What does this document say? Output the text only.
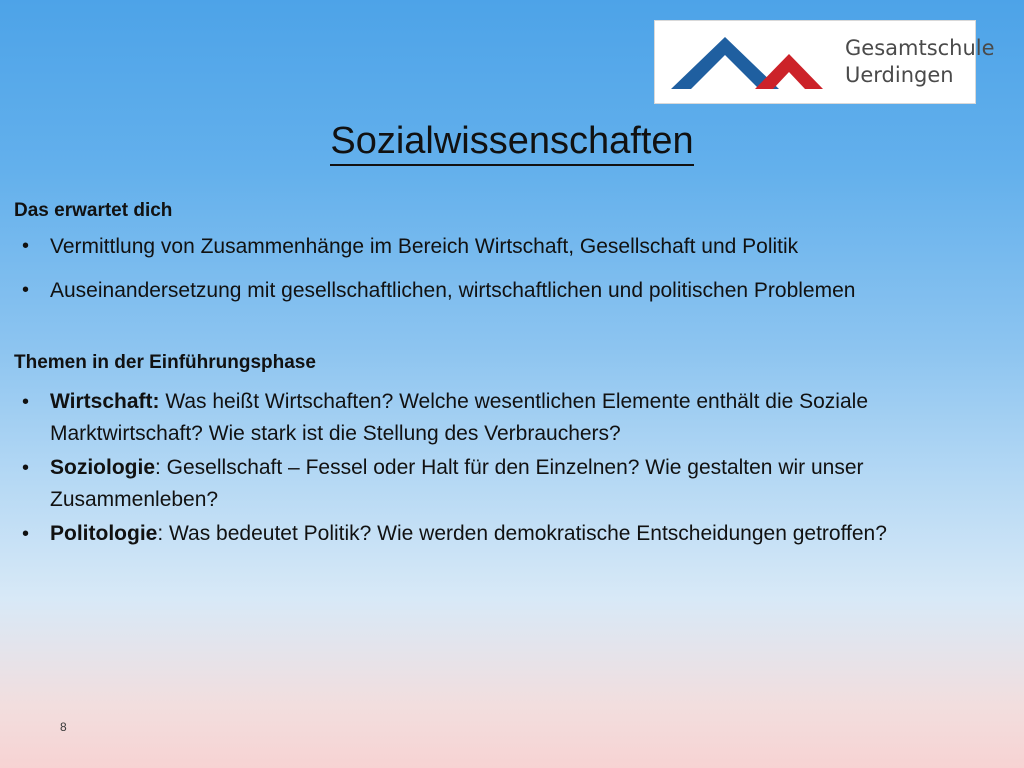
Gesamtschule
Uerdingen
Sozialwissenschaften

Das erwartet dich

• Vermittlung von Zusammenhänge im Bereich Wirtschaft, Gesellschaft und Politik
• Auseinandersetzung mit gesellschaftlichen, wirtschaftlichen und politischen Problemen

Themen in der Einführungsphase

• Wirtschaft: Was heißt Wirtschaften? Welche wesentlichen Elemente enthält die Soziale Marktwirtschaft? Wie stark ist die Stellung des Verbrauchers?
• Soziologie: Gesellschaft – Fessel oder Halt für den Einzelnen? Wie gestalten wir unser Zusammenleben?
• Politologie: Was bedeutet Politik? Wie werden demokratische Entscheidungen getroffen?
8
